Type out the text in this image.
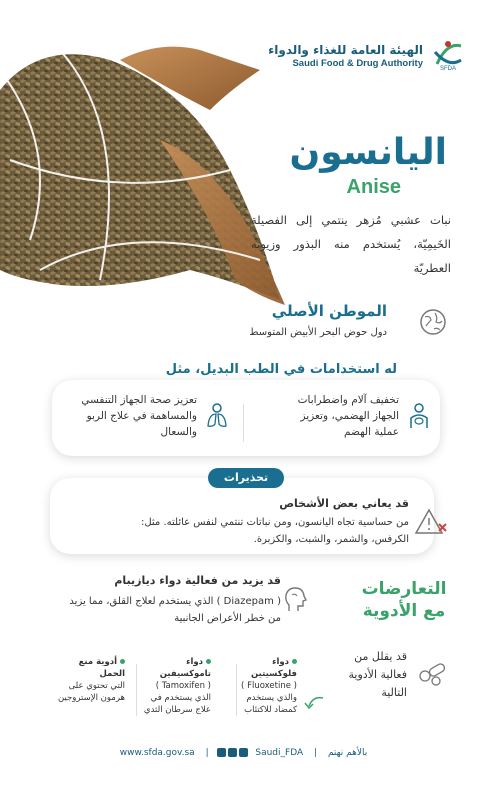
الهيئة العامة للغذاء والدواء
Saudi Food & Drug Authority
SFDA
اليانسون
Anise
نبات عشبي مُزهر ينتمي إلى الفصيلة الخَيمِيّة، يُستخدم منه البذور وزيوته العطريّة
الموطن الأصلي
دول حوض البحر الأبيض المتوسط
له استخدامات في الطب البديل، مثل
تخفيف آلام واضطرابات الجهاز الهضمي، وتعزيز عملية الهضم
تعزيز صحة الجهاز التنفسي والمساهمة في علاج الربو والسعال
تحذيرات
قد يعاني بعض الأشخاص
من حساسية تجاه اليانسون، ومن نباتات تنتمي لنفس عائلته. مثل: الكرفس، والشمر، والشبت، والكزبرة.
التعارضات مع الأدوية
قد يزيد من فعالية دواء ديازيبام
( Diazepam ) الذي يستخدم لعلاج القلق، مما يزيد من خطر الأعراض الجانبية
قد يقلل من فعالية الأدوية التالية
دواء فلوكسيتين
( Fluoxetine ) والذي يستخدم كمضاد للاكتئاب
دواء تاموكسيفين
( Tamoxifen ) الذي يستخدم في علاج سرطان الثدي
أدوية منع الحمل
التي تحتوي على هرمون الإستروجين
بالأهم نهتم | www.sfda.gov.sa |	Saudi_FDA
